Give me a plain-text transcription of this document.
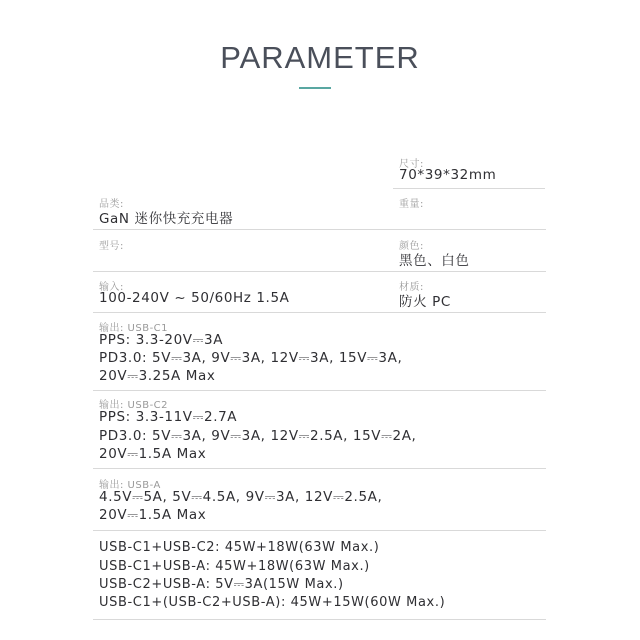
PARAMETER
尺寸:
70*39*32mm
品类:
GaN 迷你快充充电器
重量:
型号:	颜色:
黑色、白色
输入:
100-240V ~ 50/60Hz 1.5A
材质:
防火 PC
输出: USB-C1
PPS: 3.3-20V⎓3A
PD3.0: 5V⎓3A, 9V⎓3A, 12V⎓3A, 15V⎓3A,
20V⎓3.25A Max
输出: USB-C2
PPS: 3.3-11V⎓2.7A
PD3.0: 5V⎓3A, 9V⎓3A, 12V⎓2.5A, 15V⎓2A,
20V⎓1.5A Max
输出: USB-A
4.5V⎓5A, 5V⎓4.5A, 9V⎓3A, 12V⎓2.5A,
20V⎓1.5A Max
USB-C1+USB-C2: 45W+18W(63W Max.)
USB-C1+USB-A: 45W+18W(63W Max.)
USB-C2+USB-A: 5V⎓3A(15W Max.)
USB-C1+(USB-C2+USB-A): 45W+15W(60W Max.)
